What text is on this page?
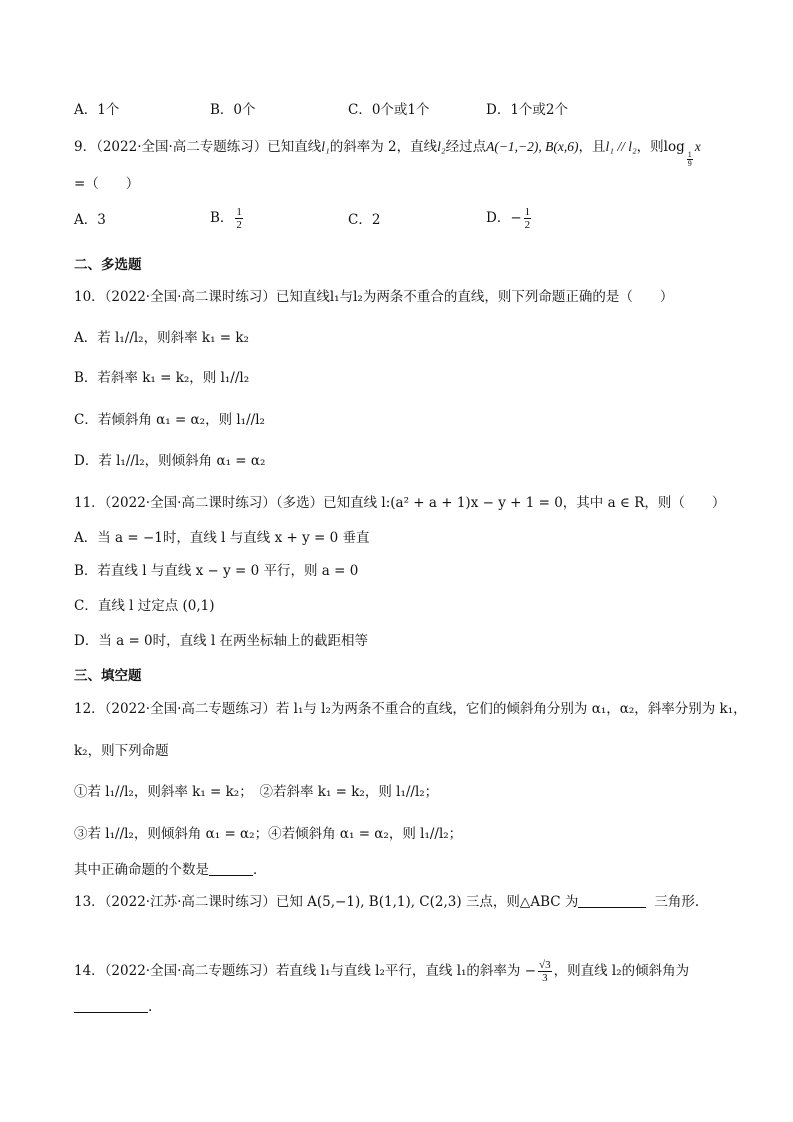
A．1个	B．0个	C．0个或1个	D．1个或2个
9．（2022·全国·高二专题练习）已知直线l₁的斜率为 2，直线l₂经过点A(−1,−2), B(x,6)，且l₁ // l₂，则log
$\frac{1}{9}$
x
=（　　）
A．3	B． $\frac{1}{2}$	C．2	D．− $\frac{1}{2}$
二、多选题
10．（2022·全国·高二课时练习）已知直线l₁与l₂为两条不重合的直线，则下列命题正确的是（　　）
A．若 l₁//l₂，则斜率 k₁ = k₂
B．若斜率 k₁ = k₂，则 l₁//l₂
C．若倾斜角 α₁ = α₂，则 l₁//l₂
D．若 l₁//l₂，则倾斜角 α₁ = α₂
11．（2022·全国·高二课时练习）（多选）已知直线 l:(a² + a + 1)x − y + 1 = 0，其中 a ∈ R，则（　　）
A．当 a = −1时，直线 l 与直线 x + y = 0 垂直
B．若直线 l 与直线 x − y = 0 平行，则 a = 0
C．直线 l 过定点 (0,1)
D．当 a = 0时，直线 l 在两坐标轴上的截距相等
三、填空题
12．（2022·全国·高二专题练习）若 l₁与 l₂为两条不重合的直线，它们的倾斜角分别为 α₁，α₂，斜率分别为 k₁，
k₂，则下列命题
①若 l₁//l₂，则斜率 k₁ = k₂；　②若斜率 k₁ = k₂，则 l₁//l₂；
③若 l₁//l₂，则倾斜角 α₁ = α₂；④若倾斜角 α₁ = α₂，则 l₁//l₂；
其中正确命题的个数是	．
13．（2022·江苏·高二课时练习）已知 A(5,−1), B(1,1), C(2,3) 三点，则△ABC 为	三角形.
14．（2022·全国·高二专题练习）若直线 l₁与直线 l₂平行，直线 l₁的斜率为 − $\frac{√3}{3}$ ，则直线 l₂的倾斜角为
.
